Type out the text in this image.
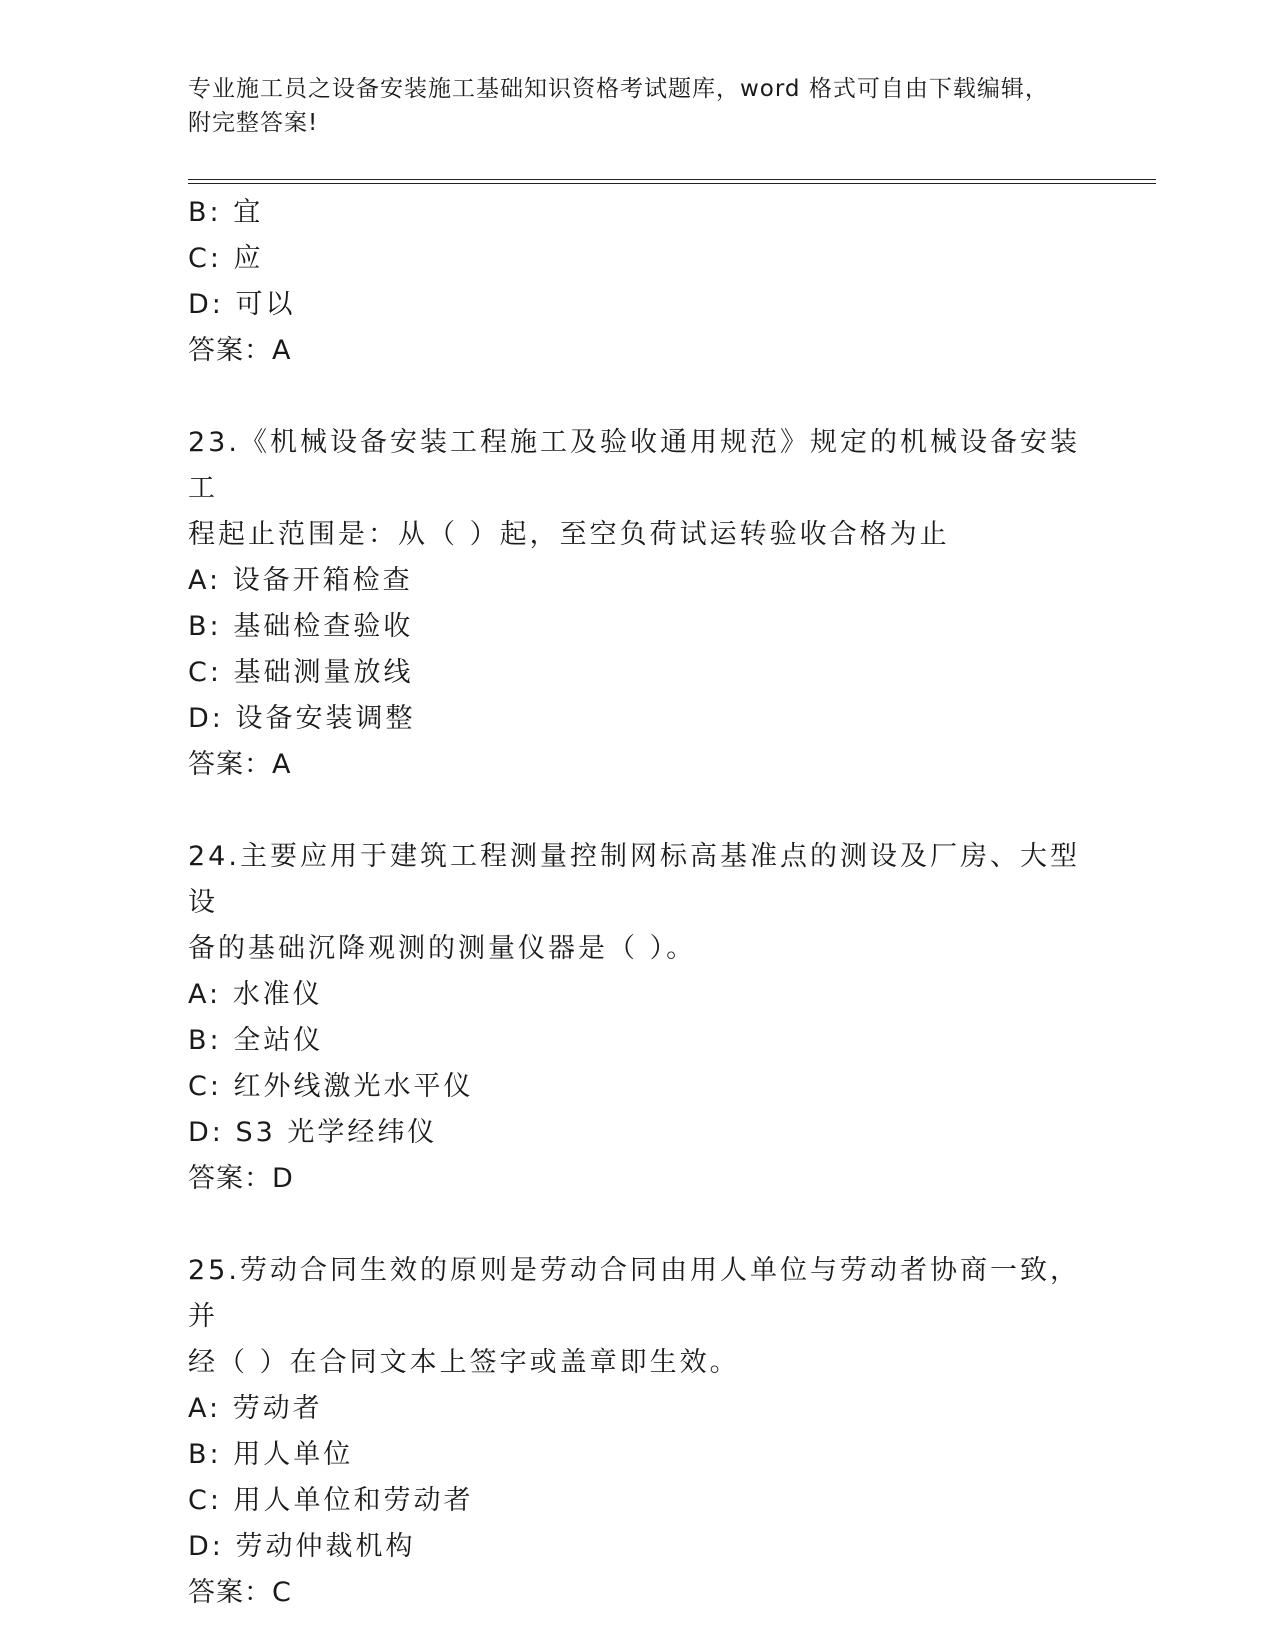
专业施工员之设备安装施工基础知识资格考试题库，word 格式可自由下载编辑，
附完整答案!
B: 宜
C: 应
D: 可以
答案：A
23.《机械设备安装工程施工及验收通用规范》规定的机械设备安装工
程起止范围是：从（ ）起，至空负荷试运转验收合格为止
A: 设备开箱检查
B: 基础检查验收
C: 基础测量放线
D: 设备安装调整
答案：A
24.主要应用于建筑工程测量控制网标高基准点的测设及厂房、大型设
备的基础沉降观测的测量仪器是（ ）。
A: 水准仪
B: 全站仪
C: 红外线激光水平仪
D: S3 光学经纬仪
答案：D
25.劳动合同生效的原则是劳动合同由用人单位与劳动者协商一致，并
经（ ）在合同文本上签字或盖章即生效。
A: 劳动者
B: 用人单位
C: 用人单位和劳动者
D: 劳动仲裁机构
答案：C
